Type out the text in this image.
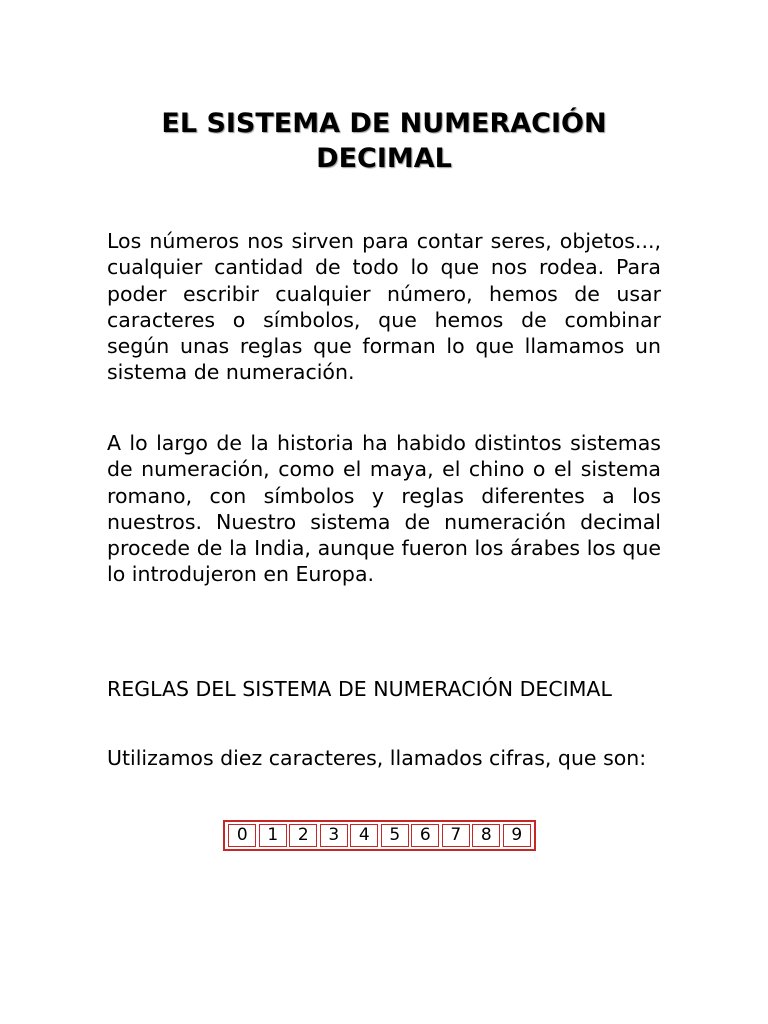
EL SISTEMA DE NUMERACIÓN DECIMAL

Los números nos sirven para contar seres, objetos..., cualquier cantidad de todo lo que nos rodea. Para poder escribir cualquier número, hemos de usar caracteres o símbolos, que hemos de combinar según unas reglas que forman lo que llamamos un sistema de numeración.

A lo largo de la historia ha habido distintos sistemas de numeración, como el maya, el chino o el sistema romano, con símbolos y reglas diferentes a los nuestros. Nuestro sistema de numeración decimal procede de la India, aunque fueron los árabes los que lo introdujeron en Europa.

REGLAS DEL SISTEMA DE NUMERACIÓN DECIMAL

Utilizamos diez caracteres, llamados cifras, que son:

0	1	2	3	4	5	6	7	8	9
